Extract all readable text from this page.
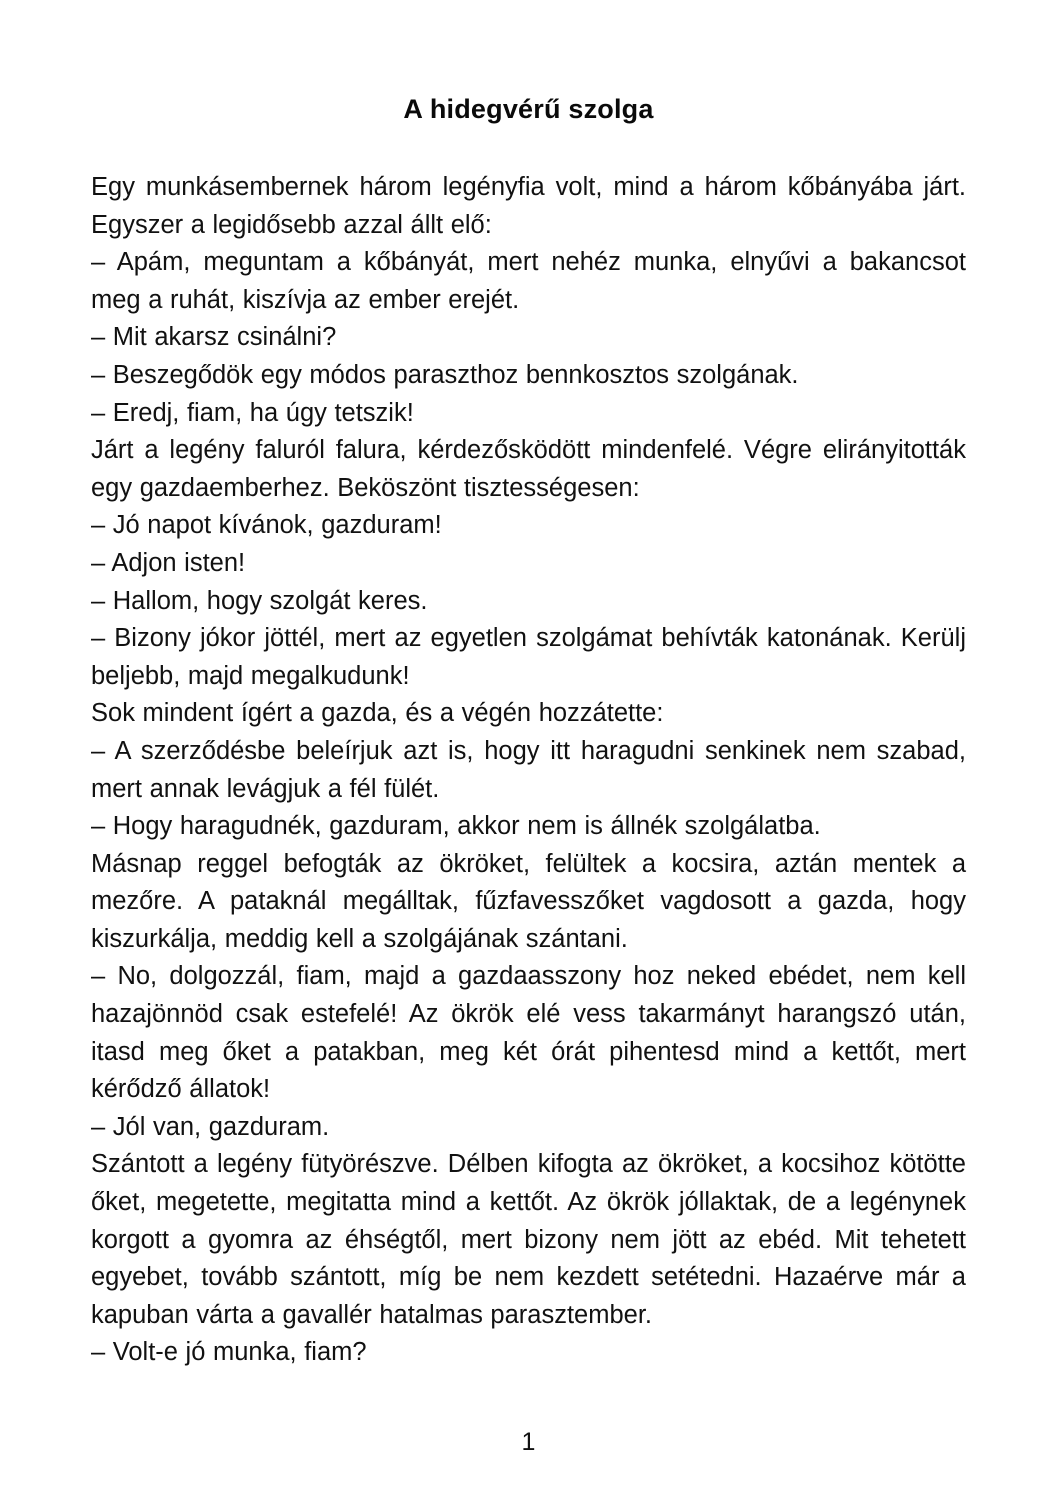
A hidegvérű szolga

Egy munkásembernek három legényfia volt, mind a három kőbányába járt. Egyszer a legidősebb azzal állt elő:

– Apám, meguntam a kőbányát, mert nehéz munka, elnyűvi a bakancsot meg a ruhát, kiszívja az ember erejét.

– Mit akarsz csinálni?

– Beszegődök egy módos paraszthoz bennkosztos szolgának.

– Eredj, fiam, ha úgy tetszik!

Járt a legény faluról falura, kérdezősködött mindenfelé. Végre elirányitották egy gazdaemberhez. Beköszönt tisztességesen:

– Jó napot kívánok, gazduram!

– Adjon isten!

– Hallom, hogy szolgát keres.

– Bizony jókor jöttél, mert az egyetlen szolgámat behívták katonának. Kerülj beljebb, majd megalkudunk!

Sok mindent ígért a gazda, és a végén hozzátette:

– A szerződésbe beleírjuk azt is, hogy itt haragudni senkinek nem szabad, mert annak levágjuk a fél fülét.

– Hogy haragudnék, gazduram, akkor nem is állnék szolgálatba.

Másnap reggel befogták az ökröket, felültek a kocsira, aztán mentek a mezőre. A pataknál megálltak, fűzfavesszőket vagdosott a gazda, hogy kiszurkálja, meddig kell a szolgájának szántani.

– No, dolgozzál, fiam, majd a gazdaasszony hoz neked ebédet, nem kell hazajönnöd csak estefelé! Az ökrök elé vess takarmányt harangszó után, itasd meg őket a patakban, meg két órát pihentesd mind a kettőt, mert kérődző állatok!

– Jól van, gazduram.

Szántott a legény fütyörészve. Délben kifogta az ökröket, a kocsihoz kötötte őket, megetette, megitatta mind a kettőt. Az ökrök jóllaktak, de a legénynek korgott a gyomra az éhségtől, mert bizony nem jött az ebéd. Mit tehetett egyebet, tovább szántott, míg be nem kezdett setétedni. Hazaérve már a kapuban várta a gavallér hatalmas parasztember.

– Volt-e jó munka, fiam?

1
